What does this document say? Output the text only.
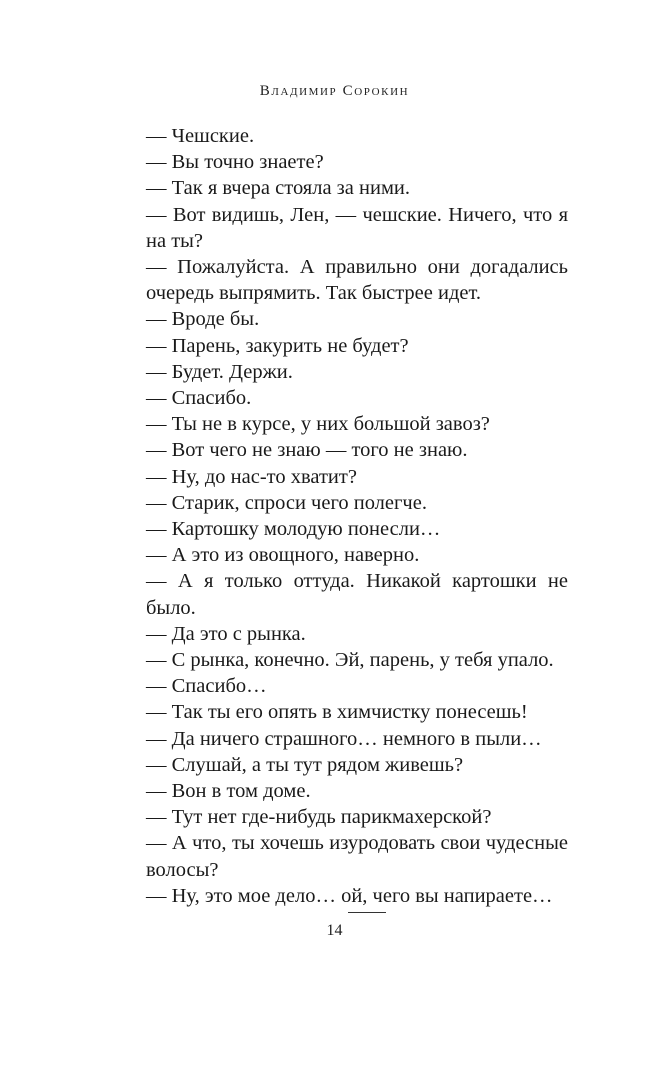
Владимир Сорокин

— Чешские.

— Вы точно знаете?

— Так я вчера стояла за ними.

— Вот видишь, Лен, — чешские. Ничего, что я на ты?

— Пожалуйста. А правильно они догадались очередь выпрямить. Так быстрее идет.

— Вроде бы.

— Парень, закурить не будет?

— Будет. Держи.

— Спасибо.

— Ты не в курсе, у них большой завоз?

— Вот чего не знаю — того не знаю.

— Ну, до нас-то хватит?

— Старик, спроси чего полегче.

— Картошку молодую понесли…

— А это из овощного, наверно.

— А я только оттуда. Никакой картошки не было.

— Да это с рынка.

— С рынка, конечно. Эй, парень, у тебя упало.

— Спасибо…

— Так ты его опять в химчистку понесешь!

— Да ничего страшного… немного в пыли…

— Слушай, а ты тут рядом живешь?

— Вон в том доме.

— Тут нет где-нибудь парикмахерской?

— А что, ты хочешь изуродовать свои чудесные волосы?

— Ну, это мое дело… ой, чего вы напираете…

14
